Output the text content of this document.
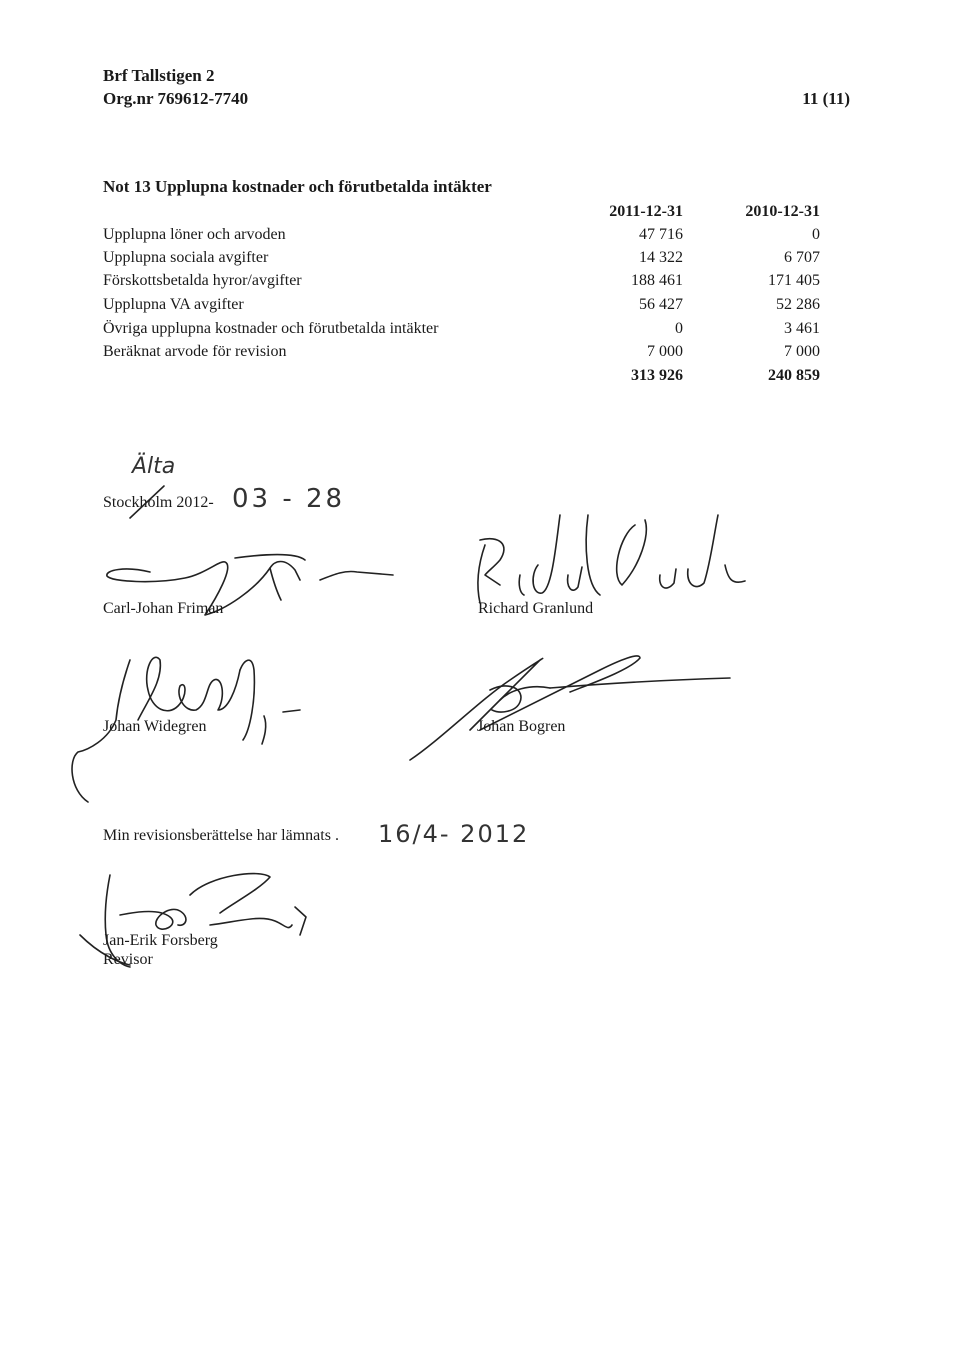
Brf Tallstigen 2
Org.nr 769612-7740	11 (11)
Not 13 Upplupna kostnader och förutbetalda intäkter
2011-12-31	2010-12-31
Upplupna löner och arvoden	47 716	0
Upplupna sociala avgifter	14 322	6 707
Förskottsbetalda hyror/avgifter	188 461	171 405
Upplupna VA avgifter	56 427	52 286
Övriga upplupna kostnader och förutbetalda intäkter	0	3 461
Beräknat arvode för revision	7 000	7 000
313 926	240 859
Älta
Stockholm 2012- 03 - 28
Carl-Johan Friman	Richard Granlund
Johan Widegren	Johan Bogren
Min revisionsberättelse har lämnats . 16/4- 2012
Jan-Erik Forsberg
Revisor
